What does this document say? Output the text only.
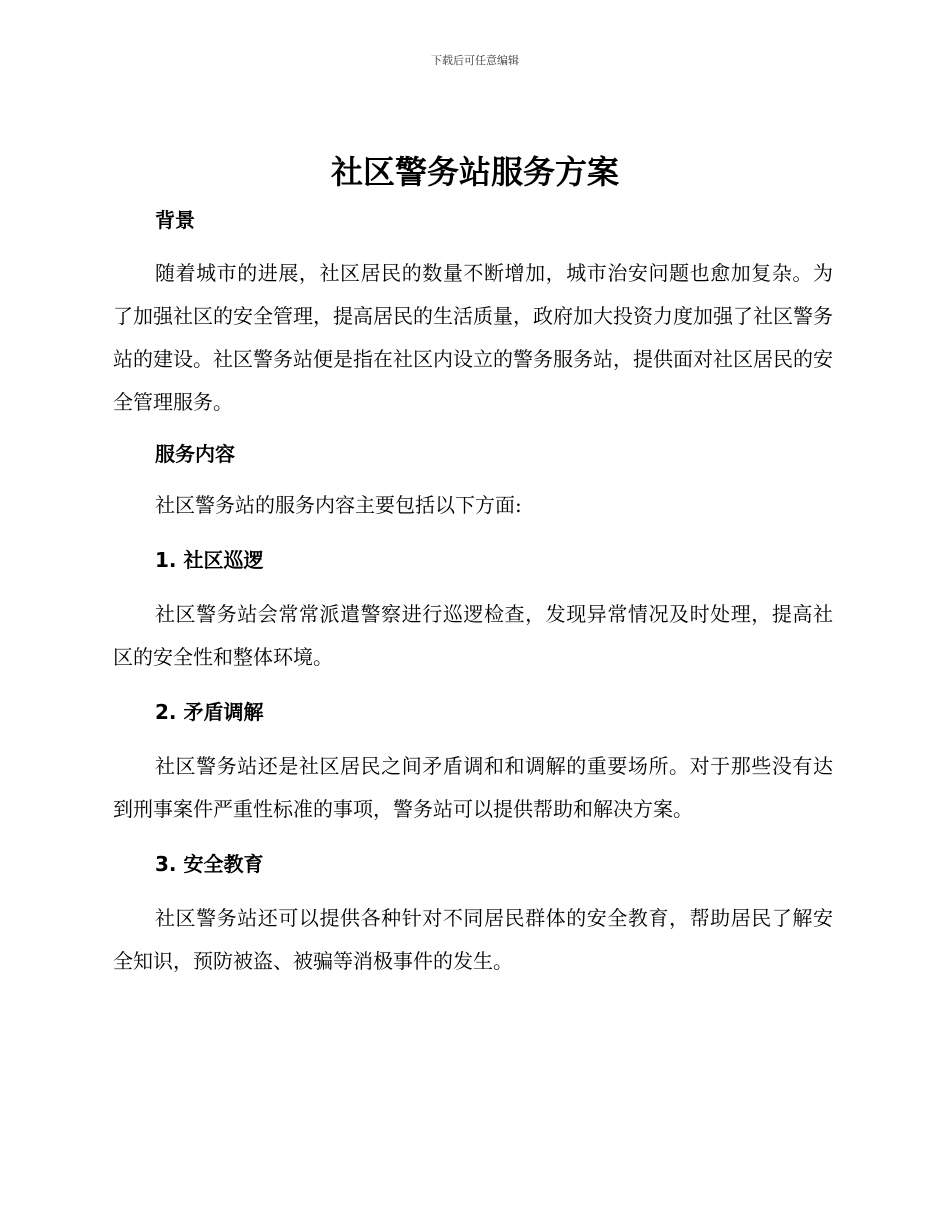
下载后可任意编辑
社区警务站服务方案
背景

随着城市的进展，社区居民的数量不断增加，城市治安问题也愈加复杂。为了加强社区的安全管理，提高居民的生活质量，政府加大投资力度加强了社区警务站的建设。社区警务站便是指在社区内设立的警务服务站，提供面对社区居民的安全管理服务。

服务内容

社区警务站的服务内容主要包括以下方面:

1. 社区巡逻

社区警务站会常常派遣警察进行巡逻检查，发现异常情况及时处理，提高社区的安全性和整体环境。

2. 矛盾调解

社区警务站还是社区居民之间矛盾调和和调解的重要场所。对于那些没有达到刑事案件严重性标准的事项，警务站可以提供帮助和解决方案。

3. 安全教育

社区警务站还可以提供各种针对不同居民群体的安全教育，帮助居民了解安全知识，预防被盗、被骗等消极事件的发生。
